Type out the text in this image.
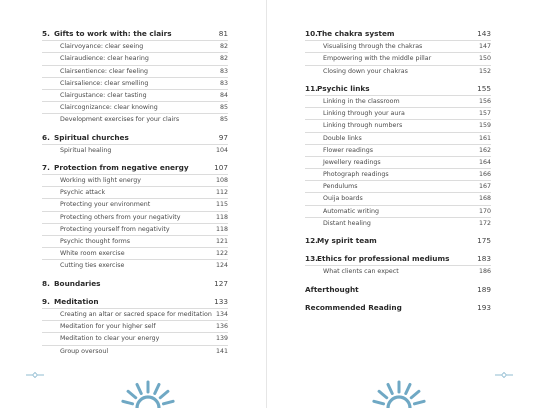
5. Gifts to work with: the clairs	81
Clairvoyance: clear seeing	82
Clairaudience: clear hearing	82
Clairsentience: clear feeling	83
Clairsalience: clear smelling	83
Clairgustance: clear tasting	84
Claircognizance: clear knowing	85
Development exercises for your clairs	85
6. Spiritual churches	97
Spiritual healing	104
7. Protection from negative energy	107
Working with light energy	108
Psychic attack	112
Protecting your environment	115
Protecting others from your negativity	118
Protecting yourself from negativity	118
Psychic thought forms	121
White room exercise	122
Cutting ties exercise	124
8. Boundaries	127
9. Meditation	133
Creating an altar or sacred space for meditation 134
Meditation for your higher self	136
Meditation to clear your energy	139
Group oversoul	141
10.The chakra system	143
Visualising through the chakras	147
Empowering with the middle pillar	150
Closing down your chakras	152
11.Psychic links	155
Linking in the classroom	156
Linking through your aura	157
Linking through numbers	159
Double links	161
Flower readings	162
Jewellery readings	164
Photograph readings	166
Pendulums	167
Ouija boards	168
Automatic writing	170
Distant healing	172
12.My spirit team	175
13.Ethics for professional mediums	183
What clients can expect	186
Afterthought	189
Recommended Reading	193
